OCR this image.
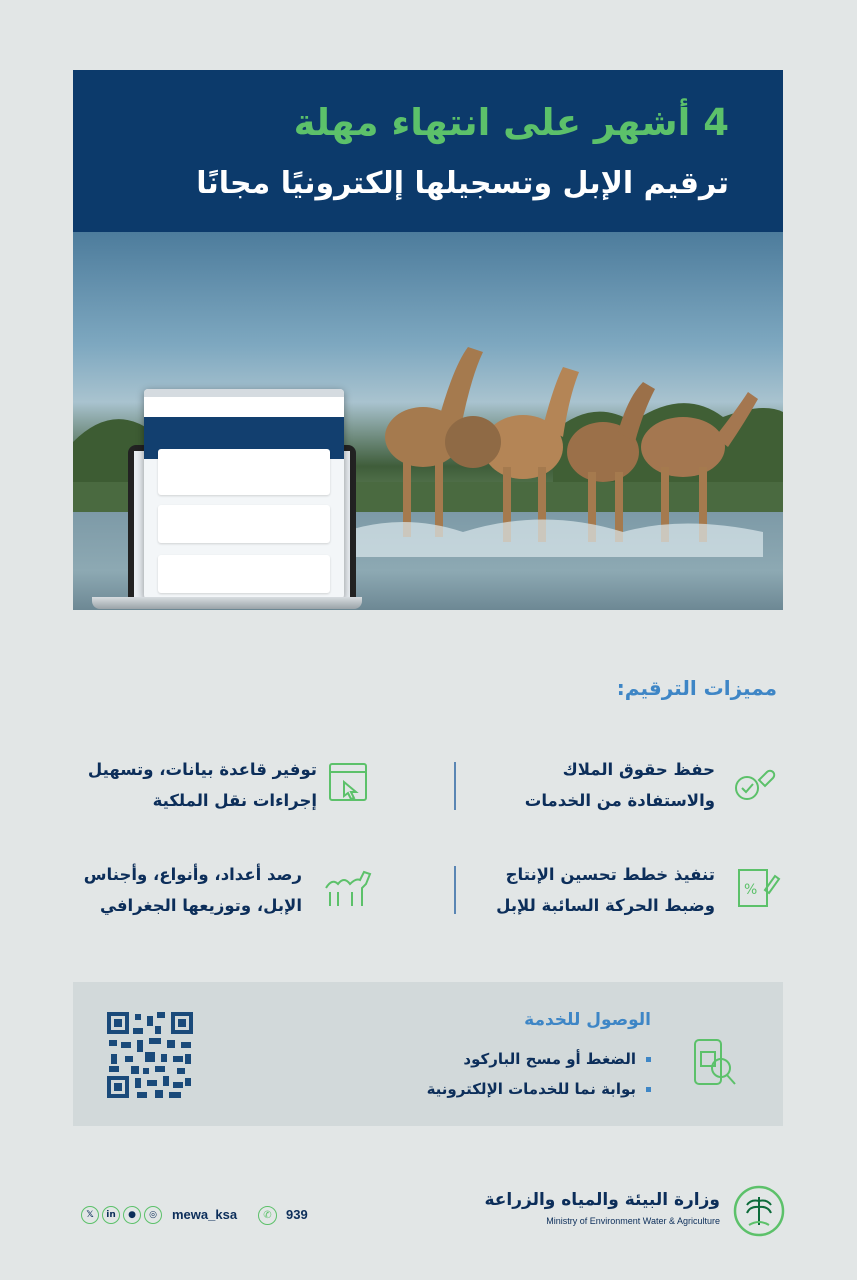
4 أشهر على انتهاء مهلة
ترقيم الإبل وتسجيلها إلكترونيًا مجانًا
مميزات الترقيم:
حفظ حقوق الملاك
والاستفادة من الخدمات
توفير قاعدة بيانات، وتسهيل
إجراءات نقل الملكية
تنفيذ خطط تحسين الإنتاج
وضبط الحركة السائبة للإبل
%
رصد أعداد، وأنواع، وأجناس
الإبل، وتوزيعها الجغرافي
الوصول للخدمة
الضغط أو مسح الباركود
بوابة نما للخدمات الإلكترونية
وزارة البيئة والمياه والزراعة
Ministry of Environment Water & Agriculture
𝕏	in	●	◎	mewa_ksa	✆	939
